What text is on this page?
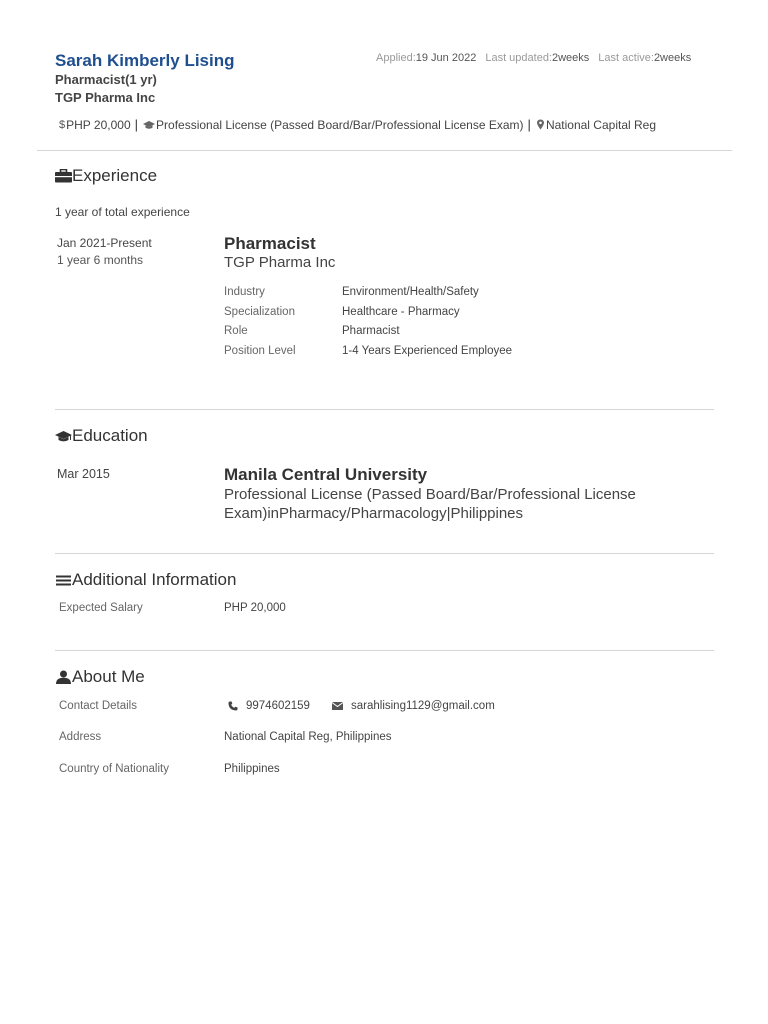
Sarah Kimberly Lising
Pharmacist(1 yr)
TGP Pharma Inc
Applied:19 Jun 2022 Last updated:2weeks Last active:2weeks
$ PHP 20,000 | Professional License (Passed Board/Bar/Professional License Exam) | National Capital Reg
Experience
1 year of total experience
Jan 2021-Present
1 year 6 months
Pharmacist
TGP Pharma Inc
Industry	Environment/Health/Safety
Specialization	Healthcare - Pharmacy
Role	Pharmacist
Position Level	1-4 Years Experienced Employee
Education
Mar 2015	Manila Central University
Professional License (Passed Board/Bar/Professional License Exam)inPharmacy/Pharmacology|Philippines
Additional Information
Expected Salary	PHP 20,000
About Me
Contact Details	9974602159	sarahlising1129@gmail.com
Address	National Capital Reg, Philippines
Country of Nationality	Philippines
